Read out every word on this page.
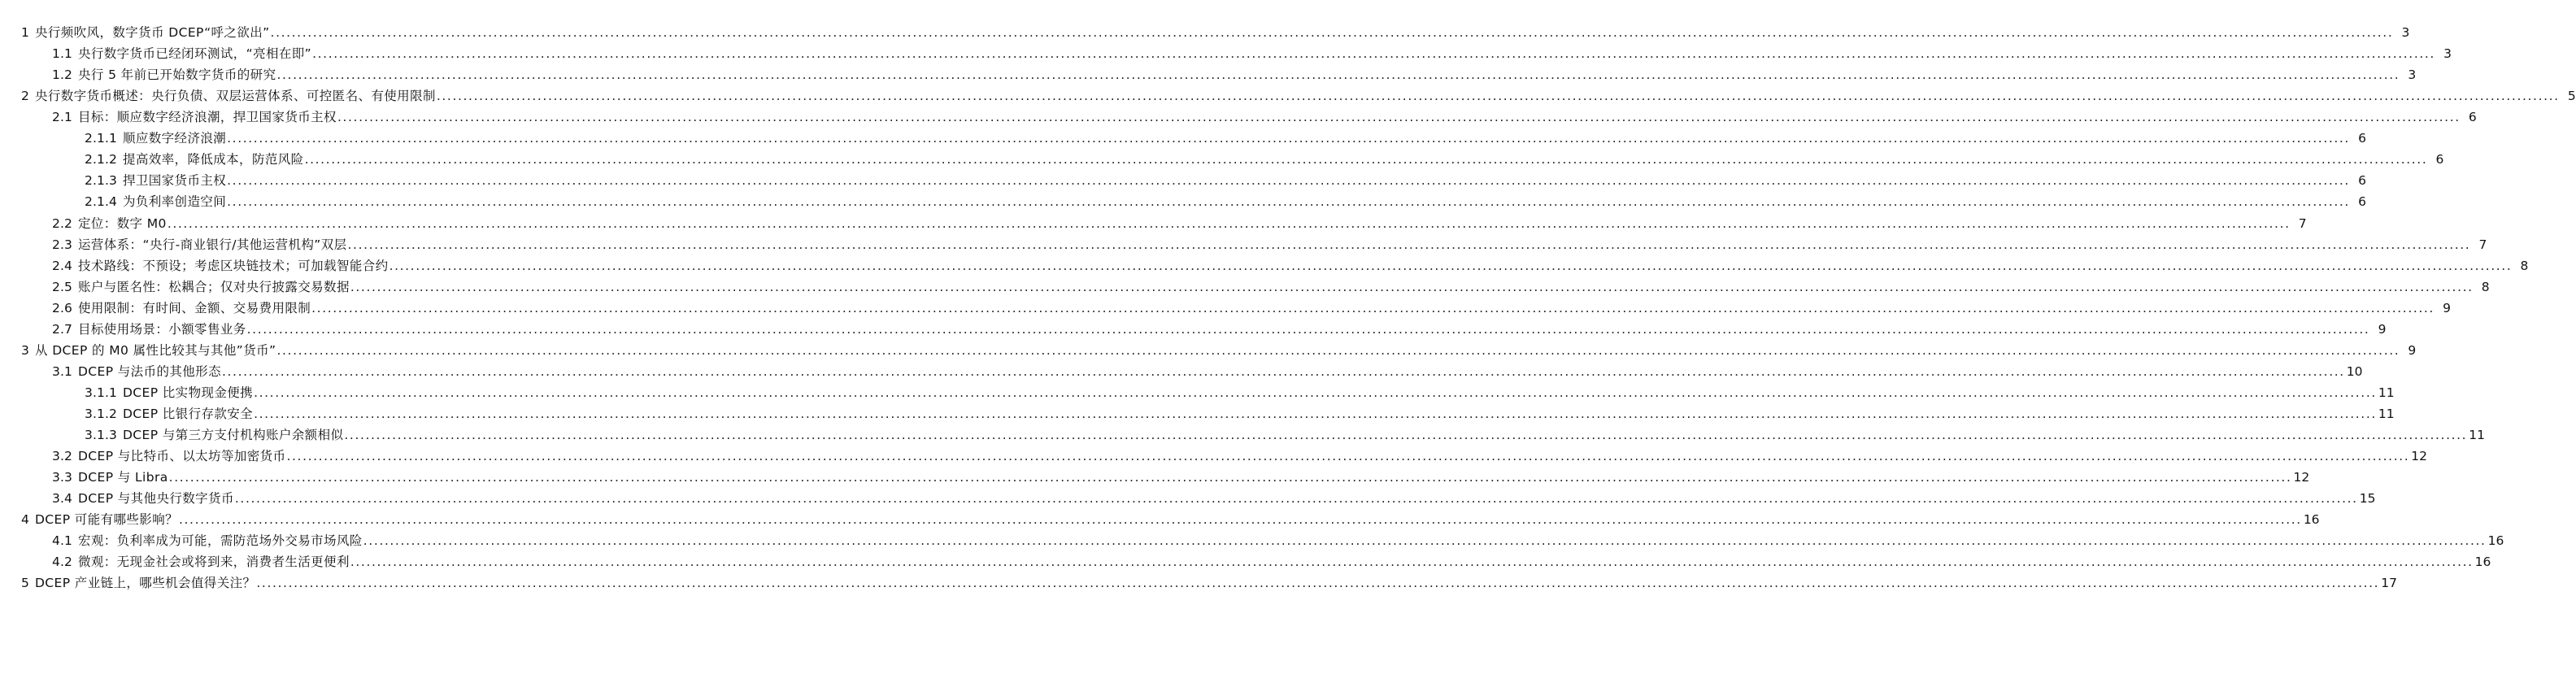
1 央行频吹风，数字货币 DCEP“呼之欲出” ................................................................................................................................................................................................................................................................................................................................................................................................................ 3
1.1 央行数字货币已经闭环测试，“亮相在即” ................................................................................................................................................................................................................................................................................................................................................................................................................ 3
1.2 央行 5 年前已开始数字货币的研究 ................................................................................................................................................................................................................................................................................................................................................................................................................ 3
2 央行数字货币概述：央行负债、双层运营体系、可控匿名、有使用限制 ................................................................................................................................................................................................................................................................................................................................................................................................................ 5
2.1 目标：顺应数字经济浪潮，捍卫国家货币主权 ................................................................................................................................................................................................................................................................................................................................................................................................................ 6
2.1.1 顺应数字经济浪潮 ................................................................................................................................................................................................................................................................................................................................................................................................................ 6
2.1.2 提高效率，降低成本，防范风险 ................................................................................................................................................................................................................................................................................................................................................................................................................ 6
2.1.3 捍卫国家货币主权 ................................................................................................................................................................................................................................................................................................................................................................................................................ 6
2.1.4 为负利率创造空间 ................................................................................................................................................................................................................................................................................................................................................................................................................ 6
2.2 定位：数字 M0 ................................................................................................................................................................................................................................................................................................................................................................................................................ 7
2.3 运营体系：“央行-商业银行/其他运营机构”双层 ................................................................................................................................................................................................................................................................................................................................................................................................................ 7
2.4 技术路线：不预设；考虑区块链技术；可加载智能合约 ................................................................................................................................................................................................................................................................................................................................................................................................................ 8
2.5 账户与匿名性：松耦合；仅对央行披露交易数据 ................................................................................................................................................................................................................................................................................................................................................................................................................ 8
2.6 使用限制：有时间、金额、交易费用限制 ................................................................................................................................................................................................................................................................................................................................................................................................................ 9
2.7 目标使用场景：小额零售业务 ................................................................................................................................................................................................................................................................................................................................................................................................................ 9
3 从 DCEP 的 M0 属性比较其与其他”货币” ................................................................................................................................................................................................................................................................................................................................................................................................................ 9
3.1 DCEP 与法币的其他形态 ................................................................................................................................................................................................................................................................................................................................................................................................................ 10
3.1.1 DCEP 比实物现金便携 ................................................................................................................................................................................................................................................................................................................................................................................................................ 11
3.1.2 DCEP 比银行存款安全 ................................................................................................................................................................................................................................................................................................................................................................................................................ 11
3.1.3 DCEP 与第三方支付机构账户余额相似 ................................................................................................................................................................................................................................................................................................................................................................................................................ 11
3.2 DCEP 与比特币、以太坊等加密货币 ................................................................................................................................................................................................................................................................................................................................................................................................................ 12
3.3 DCEP 与 Libra ................................................................................................................................................................................................................................................................................................................................................................................................................ 12
3.4 DCEP 与其他央行数字货币 ................................................................................................................................................................................................................................................................................................................................................................................................................ 15
4 DCEP 可能有哪些影响？ ................................................................................................................................................................................................................................................................................................................................................................................................................ 16
4.1 宏观：负利率成为可能，需防范场外交易市场风险 ................................................................................................................................................................................................................................................................................................................................................................................................................ 16
4.2 微观：无现金社会或将到来，消费者生活更便利 ................................................................................................................................................................................................................................................................................................................................................................................................................ 16
5 DCEP 产业链上，哪些机会值得关注？ ................................................................................................................................................................................................................................................................................................................................................................................................................ 17
